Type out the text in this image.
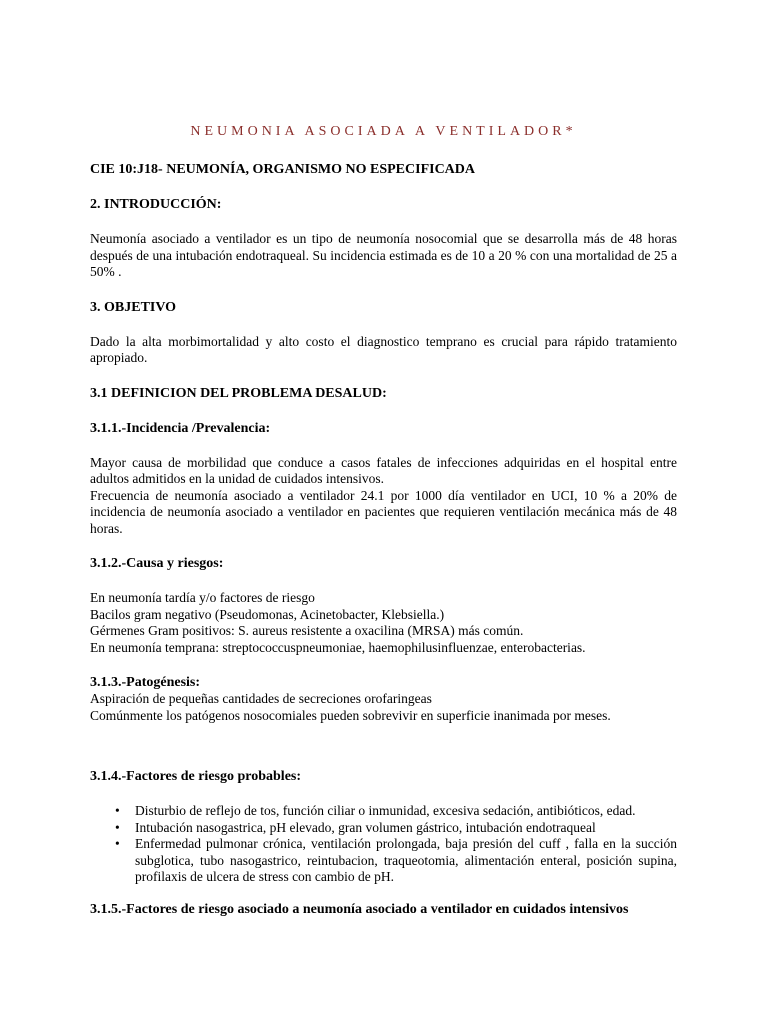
NEUMONIA ASOCIADA A VENTILADOR*
CIE 10:J18- NEUMONÍA, ORGANISMO NO ESPECIFICADA
2. INTRODUCCIÓN:

Neumonía asociado a ventilador es un tipo de neumonía nosocomial que se desarrolla más de 48 horas después de una intubación endotraqueal. Su incidencia estimada es de 10 a 20 % con una mortalidad de 25 a 50% .

3. OBJETIVO

Dado la alta morbimortalidad y alto costo el diagnostico temprano es crucial para rápido tratamiento apropiado.

3.1 DEFINICION DEL PROBLEMA DESALUD:
3.1.1.-Incidencia /Prevalencia:

Mayor causa de morbilidad que conduce a casos fatales de infecciones adquiridas en el hospital entre adultos admitidos en la unidad de cuidados intensivos.

Frecuencia de neumonía asociado a ventilador 24.1 por 1000 día ventilador en UCI, 10 % a 20% de incidencia de neumonía asociado a ventilador en pacientes que requieren ventilación mecánica más de 48 horas.

3.1.2.-Causa y riesgos:

En neumonía tardía y/o factores de riesgo

Bacilos gram negativo (Pseudomonas, Acinetobacter, Klebsiella.)

Gérmenes Gram positivos: S. aureus resistente a oxacilina (MRSA) más común.

En neumonía temprana: streptococcuspneumoniae, haemophilusinfluenzae, enterobacterias.

3.1.3.-Patogénesis:

Aspiración de pequeñas cantidades de secreciones orofaringeas

Comúnmente los patógenos nosocomiales pueden sobrevivir en superficie inanimada por meses.

3.1.4.-Factores de riesgo probables:
• Disturbio de reflejo de tos, función ciliar o inmunidad, excesiva sedación, antibióticos, edad.
• Intubación nasogastrica, pH elevado, gran volumen gástrico, intubación endotraqueal
• Enfermedad pulmonar crónica, ventilación prolongada, baja presión del cuff , falla en la succión subglotica, tubo nasogastrico, reintubacion, traqueotomia, alimentación enteral, posición supina, profilaxis de ulcera de stress con cambio de pH.
3.1.5.-Factores de riesgo asociado a neumonía asociado a ventilador en cuidados intensivos
